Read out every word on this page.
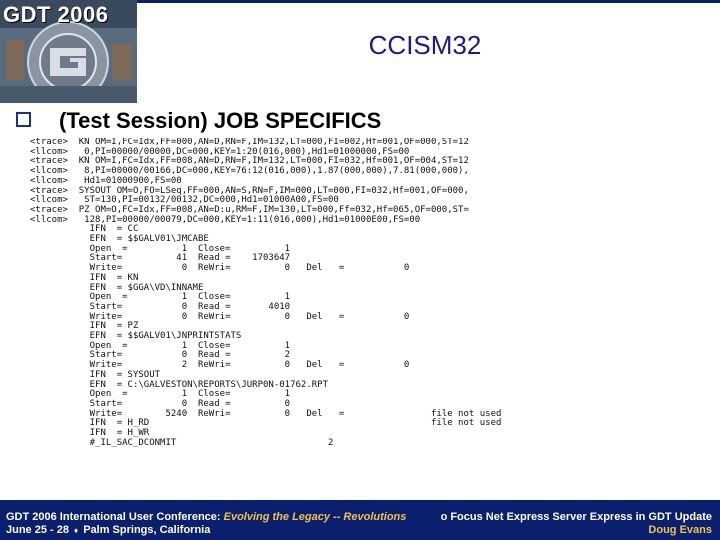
GDT 2006
CCISM32
(Test Session) JOB SPECIFICS
<trace>  KN OM=I,FC=Idx,FF=000,AN=D,RN=F,IM=132,LT=000,FI=002,Hf=001,OF=000,ST=12
<llcom>   0,PI=00000/00000,DC=000,KEY=1:20(016,000),Hd1=01000000,FS=00
<trace>  KN OM=I,FC=Idx,FF=008,AN=D,RN=F,IM=132,LT=000,FI=032,Hf=001,OF=004,ST=12
<llcom>   8,PI=00000/00166,DC=000,KEY=76:12(016,000),1.87(000,000),7.81(000,000),
<llcom>   Hd1=01000900,FS=00
<trace>  SYSOUT OM=O,FO=LSeq,FF=000,AN=S,RN=F,IM=000,LT=000,FI=032,Hf=001,OF=000,
<llcom>   ST=130,PI=00132/00132,DC=000,Hd1=01000A00,FS=00
<trace>  PZ OM=O,FC=Idx,FF=008,AN=D:u,RM=F,IM=130,LT=000,Ff=032,Hf=065,OF=000,ST=
<llcom>   128,PI=00000/00079,DC=000,KEY=1:11(016,000),Hd1=01000E00,FS=00
IFN  = CC
EFN  = $$GALV01\JMCABE
Open  =          1  Close=          1
Start=          41  Read =    1703647
Write=           0  ReWri=          0   Del   =           0
IFN  = KN
EFN  = $GGA\VD\INNAME
Open  =          1  Close=          1
Start=           0  Read =       4010
Write=           0  ReWri=          0   Del   =           0
IFN  = PZ
EFN  = $$GALV01\JNPRINTSTATS
Open  =          1  Close=          1
Start=           0  Read =          2
Write=           2  ReWri=          0   Del   =           0
IFN  = SYSOUT
EFN  = C:\GALVESTON\REPORTS\JURP0N-01762.RPT
Open  =          1  Close=          1
Start=           0  Read =          0
Write=        5240  ReWri=          0   Del   =                file not used
IFN  = H_RD                                                    file not used
IFN  = H_WR
#_IL_SAC_DCONMIT                            2

GDT 2006 International User Conference: Evolving the Legacy -- Revolutions
June 25 - 28 ♦ Palm Springs, California
o Focus Net Express Server Express in GDT Update
Doug Evans
